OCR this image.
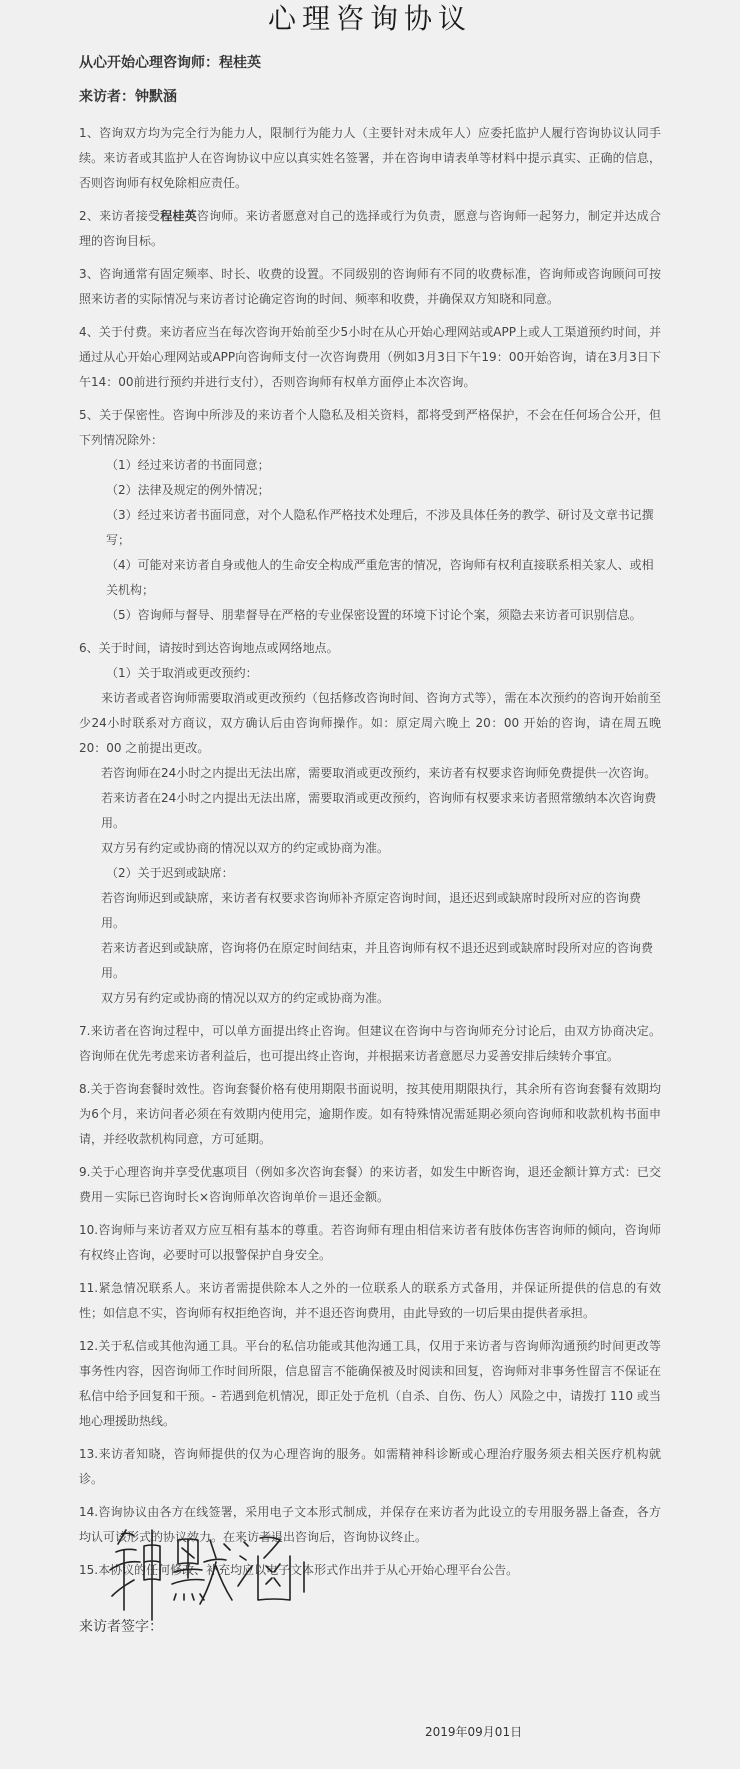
心理咨询协议

从心开始心理咨询师：程桂英

来访者：钟默涵

1、咨询双方均为完全行为能力人，限制行为能力人（主要针对未成年人）应委托监护人履行咨询协议认同手续。来访者或其监护人在咨询协议中应以真实姓名签署，并在咨询申请表单等材料中提示真实、正确的信息，否则咨询师有权免除相应责任。

2、来访者接受程桂英咨询师。来访者愿意对自己的选择或行为负责，愿意与咨询师一起努力，制定并达成合理的咨询目标。

3、咨询通常有固定频率、时长、收费的设置。不同级别的咨询师有不同的收费标准，咨询师或咨询顾问可按照来访者的实际情况与来访者讨论确定咨询的时间、频率和收费，并确保双方知晓和同意。

4、关于付费。来访者应当在每次咨询开始前至少5小时在从心开始心理网站或APP上或人工渠道预约时间，并通过从心开始心理网站或APP向咨询师支付一次咨询费用（例如3月3日下午19：00开始咨询，请在3月3日下午14：00前进行预约并进行支付），否则咨询师有权单方面停止本次咨询。

5、关于保密性。咨询中所涉及的来访者个人隐私及相关资料，都将受到严格保护，不会在任何场合公开，但下列情况除外：

（1）经过来访者的书面同意；

（2）法律及规定的例外情况；

（3）经过来访者书面同意，对个人隐私作严格技术处理后，不涉及具体任务的教学、研讨及文章书记撰写；

（4）可能对来访者自身或他人的生命安全构成严重危害的情况，咨询师有权利直接联系相关家人、或相关机构；

（5）咨询师与督导、朋辈督导在严格的专业保密设置的环境下讨论个案，须隐去来访者可识别信息。

6、关于时间，请按时到达咨询地点或网络地点。

（1）关于取消或更改预约：

来访者或者咨询师需要取消或更改预约（包括修改咨询时间、咨询方式等），需在本次预约的咨询开始前至少24小时联系对方商议，双方确认后由咨询师操作。如：原定周六晚上 20：00 开始的咨询，请在周五晚 20：00 之前提出更改。

若咨询师在24小时之内提出无法出席，需要取消或更改预约，来访者有权要求咨询师免费提供一次咨询。

若来访者在24小时之内提出无法出席，需要取消或更改预约，咨询师有权要求来访者照常缴纳本次咨询费用。

双方另有约定或协商的情况以双方的约定或协商为准。

（2）关于迟到或缺席：

若咨询师迟到或缺席，来访者有权要求咨询师补齐原定咨询时间，退还迟到或缺席时段所对应的咨询费用。

若来访者迟到或缺席，咨询将仍在原定时间结束，并且咨询师有权不退还迟到或缺席时段所对应的咨询费用。

双方另有约定或协商的情况以双方的约定或协商为准。

7.来访者在咨询过程中，可以单方面提出终止咨询。但建议在咨询中与咨询师充分讨论后，由双方协商决定。咨询师在优先考虑来访者利益后，也可提出终止咨询，并根据来访者意愿尽力妥善安排后续转介事宜。

8.关于咨询套餐时效性。咨询套餐价格有使用期限书面说明，按其使用期限执行，其余所有咨询套餐有效期均为6个月，来访问者必须在有效期内使用完，逾期作废。如有特殊情况需延期必须向咨询师和收款机构书面申请，并经收款机构同意，方可延期。

9.关于心理咨询并享受优惠项目（例如多次咨询套餐）的来访者，如发生中断咨询，退还金额计算方式：已交费用－实际已咨询时长×咨询师单次咨询单价＝退还金额。

10.咨询师与来访者双方应互相有基本的尊重。若咨询师有理由相信来访者有肢体伤害咨询师的倾向，咨询师有权终止咨询，必要时可以报警保护自身安全。

11.紧急情况联系人。来访者需提供除本人之外的一位联系人的联系方式备用，并保证所提供的信息的有效性；如信息不实，咨询师有权拒绝咨询，并不退还咨询费用，由此导致的一切后果由提供者承担。

12.关于私信或其他沟通工具。平台的私信功能或其他沟通工具，仅用于来访者与咨询师沟通预约时间更改等事务性内容，因咨询师工作时间所限，信息留言不能确保被及时阅读和回复，咨询师对非事务性留言不保证在私信中给予回复和干预。- 若遇到危机情况，即正处于危机（自杀、自伤、伤人）风险之中，请拨打 110 或当地心理援助热线。

13.来访者知晓，咨询师提供的仅为心理咨询的服务。如需精神科诊断或心理治疗服务须去相关医疗机构就诊。

14.咨询协议由各方在线签署，采用电子文本形式制成，并保存在来访者为此设立的专用服务器上备查，各方均认可该形式的协议效力。在来访者退出咨询后，咨询协议终止。

15.本协议的任何修改、补充均应以电子文本形式作出并于从心开始心理平台公告。

来访者签字：

2019年09月01日
